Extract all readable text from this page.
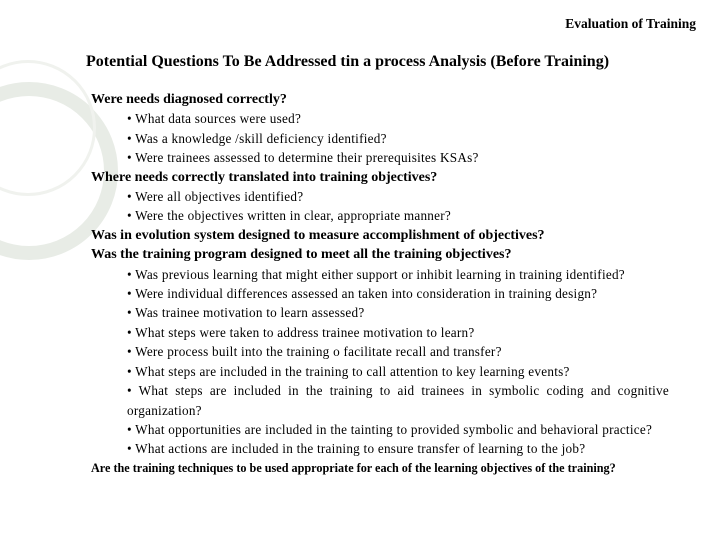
Evaluation of Training
Potential Questions To Be Addressed tin a process Analysis (Before Training)
Were needs diagnosed correctly?
• What data sources were used?
• Was a knowledge /skill deficiency identified?
• Were trainees assessed to determine their prerequisites KSAs?
Where needs correctly translated into training objectives?
• Were all objectives identified?
• Were the objectives written in clear, appropriate manner?
Was in evolution system designed to measure accomplishment of objectives?
Was the training program designed to meet all the training objectives?
• Was previous learning that might either support or inhibit learning in training identified?
• Were individual differences assessed an taken into consideration in training design?
• Was trainee motivation to learn assessed?
• What steps were taken to address trainee motivation to learn?
• Were process built into the training o facilitate recall and transfer?
• What steps are included in the training to call attention to key learning events?
• What steps are included in the training to aid trainees in symbolic coding and cognitive organization?
• What opportunities are included in the tainting to provided symbolic and behavioral practice?
• What actions are included in the training to ensure transfer of learning to the job?
Are the training techniques to be used appropriate for each of the learning objectives of the training?
